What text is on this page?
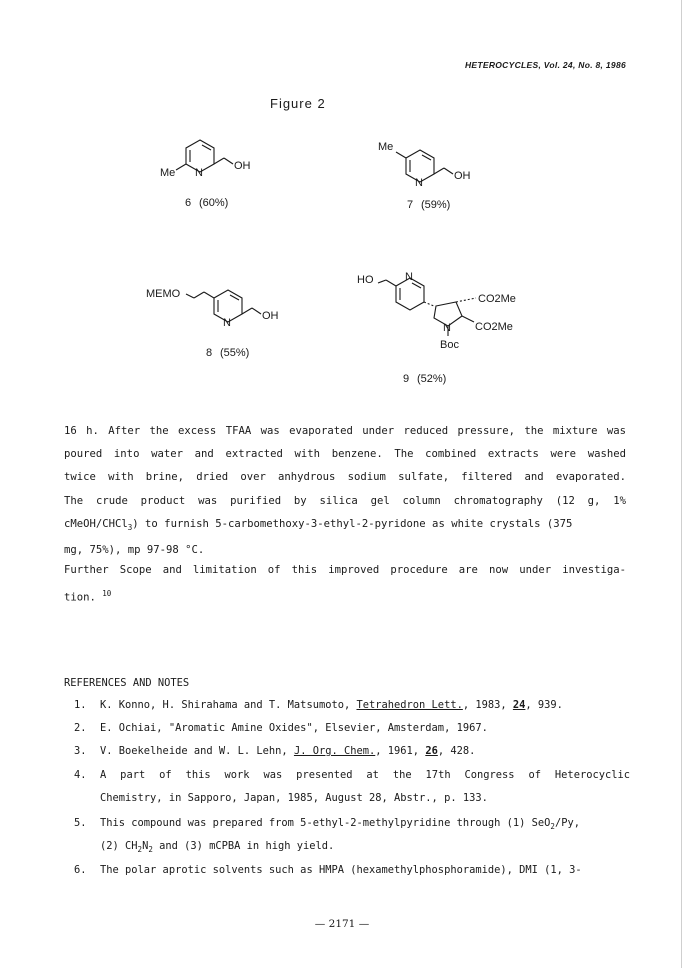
HETEROCYCLES, Vol. 24, No. 8, 1986
Figure 2
Me N
OH
6 (60%)
Me
N
OH
7 (59%)
MEMO
N
OH
8 (55%)
HO	N
CO2Me
N CO2Me
Boc
9 (52%)
16 h. After the excess TFAA was evaporated under reduced pressure, the mixture was
poured into water and extracted with benzene. The combined extracts were washed
twice with brine, dried over anhydrous sodium sulfate, filtered and evaporated.
The crude product was purified by silica gel column chromatography (12 g, 1%
cMeOH/CHCl$_3$) to furnish 5-carbomethoxy-3-ethyl-2-pyridone as white crystals (375
mg, 75%), mp 97-98 °C.
Further Scope and limitation of this improved procedure are now under investiga-
tion. $^{10}$
REFERENCES AND NOTES
1. K. Konno, H. Shirahama and T. Matsumoto, Tetrahedron Lett., 1983, 24, 939.
2. E. Ochiai, "Aromatic Amine Oxides", Elsevier, Amsterdam, 1967.
3. V. Boekelheide and W. L. Lehn, J. Org. Chem., 1961, 26, 428.
4. A part of this work was presented at the 17th Congress of Heterocyclic
Chemistry, in Sapporo, Japan, 1985, August 28, Abstr., p. 133.
5. This compound was prepared from 5-ethyl-2-methylpyridine through (1) SeO$_2$/Py,
(2) $CH_2N_2$ and (3) mCPBA in high yield.
6. The polar aprotic solvents such as HMPA (hexamethylphosphoramide), DMI (1, 3-
— 2171 —
